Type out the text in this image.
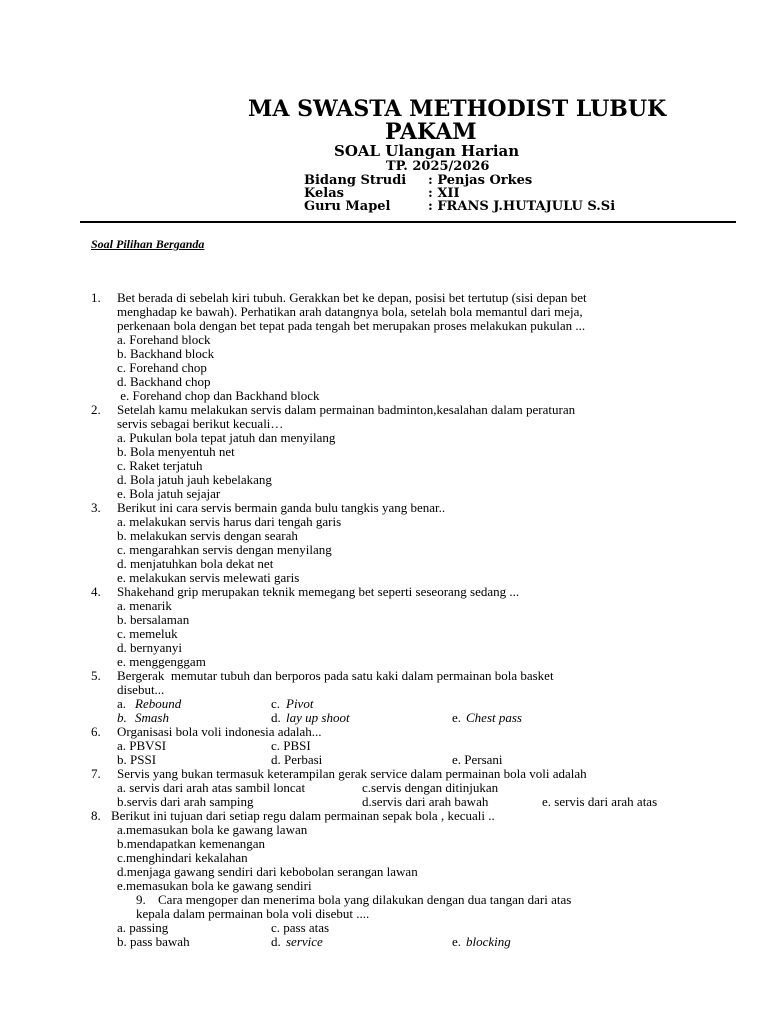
MA SWASTA METHODIST LUBUK
PAKAM
SOAL Ulangan Harian
TP. 2025/2026
Bidang Strudi : Penjas Orkes
Kelas	: XII
Guru Mapel	: FRANS J.HUTAJULU S.Si
Soal Pilihan Berganda
1. Bet berada di sebelah kiri tubuh. Gerakkan bet ke depan, posisi bet tertutup (sisi depan bet
menghadap ke bawah). Perhatikan arah datangnya bola, setelah bola memantul dari meja,
perkenaan bola dengan bet tepat pada tengah bet merupakan proses melakukan pukulan ...
a. Forehand block
b. Backhand block
c. Forehand chop
d. Backhand chop
e. Forehand chop dan Backhand block
2. Setelah kamu melakukan servis dalam permainan badminton,kesalahan dalam peraturan
servis sebagai berikut kecuali…
a. Pukulan bola tepat jatuh dan menyilang
b. Bola menyentuh net
c. Raket terjatuh
d. Bola jatuh jauh kebelakang
e. Bola jatuh sejajar
3. Berikut ini cara servis bermain ganda bulu tangkis yang benar..
a. melakukan servis harus dari tengah garis
b. melakukan servis dengan searah
c. mengarahkan servis dengan menyilang
d. menjatuhkan bola dekat net
e. melakukan servis melewati garis
4. Shakehand grip merupakan teknik memegang bet seperti seseorang sedang ...
a. menarik
b. bersalaman
c. memeluk
d. bernyanyi
e. menggenggam
5. Bergerak  memutar tubuh dan berporos pada satu kaki dalam permainan bola basket
disebut...
a. Rebound	c. Pivot
b. Smash	d. lay up shoot	e. Chest pass
6. Organisasi bola voli indonesia adalah...
a. PBVSI	c. PBSI
b. PSSI	d. Perbasi	e. Persani
7. Servis yang bukan termasuk keterampilan gerak service dalam permainan bola voli adalah
a. servis dari arah atas sambil loncat	c.servis dengan ditinjukan
b.servis dari arah samping	d.servis dari arah bawah	e. servis dari arah atas
8. Berikut ini tujuan dari setiap regu dalam permainan sepak bola , kecuali ..
a.memasukan bola ke gawang lawan
b.mendapatkan kemenangan
c.menghindari kekalahan
d.menjaga gawang sendiri dari kebobolan serangan lawan
e.memasukan bola ke gawang sendiri
9. Cara mengoper dan menerima bola yang dilakukan dengan dua tangan dari atas
kepala dalam permainan bola voli disebut ....
a. passing	c. pass atas
b. pass bawah	d. service	e. blocking
